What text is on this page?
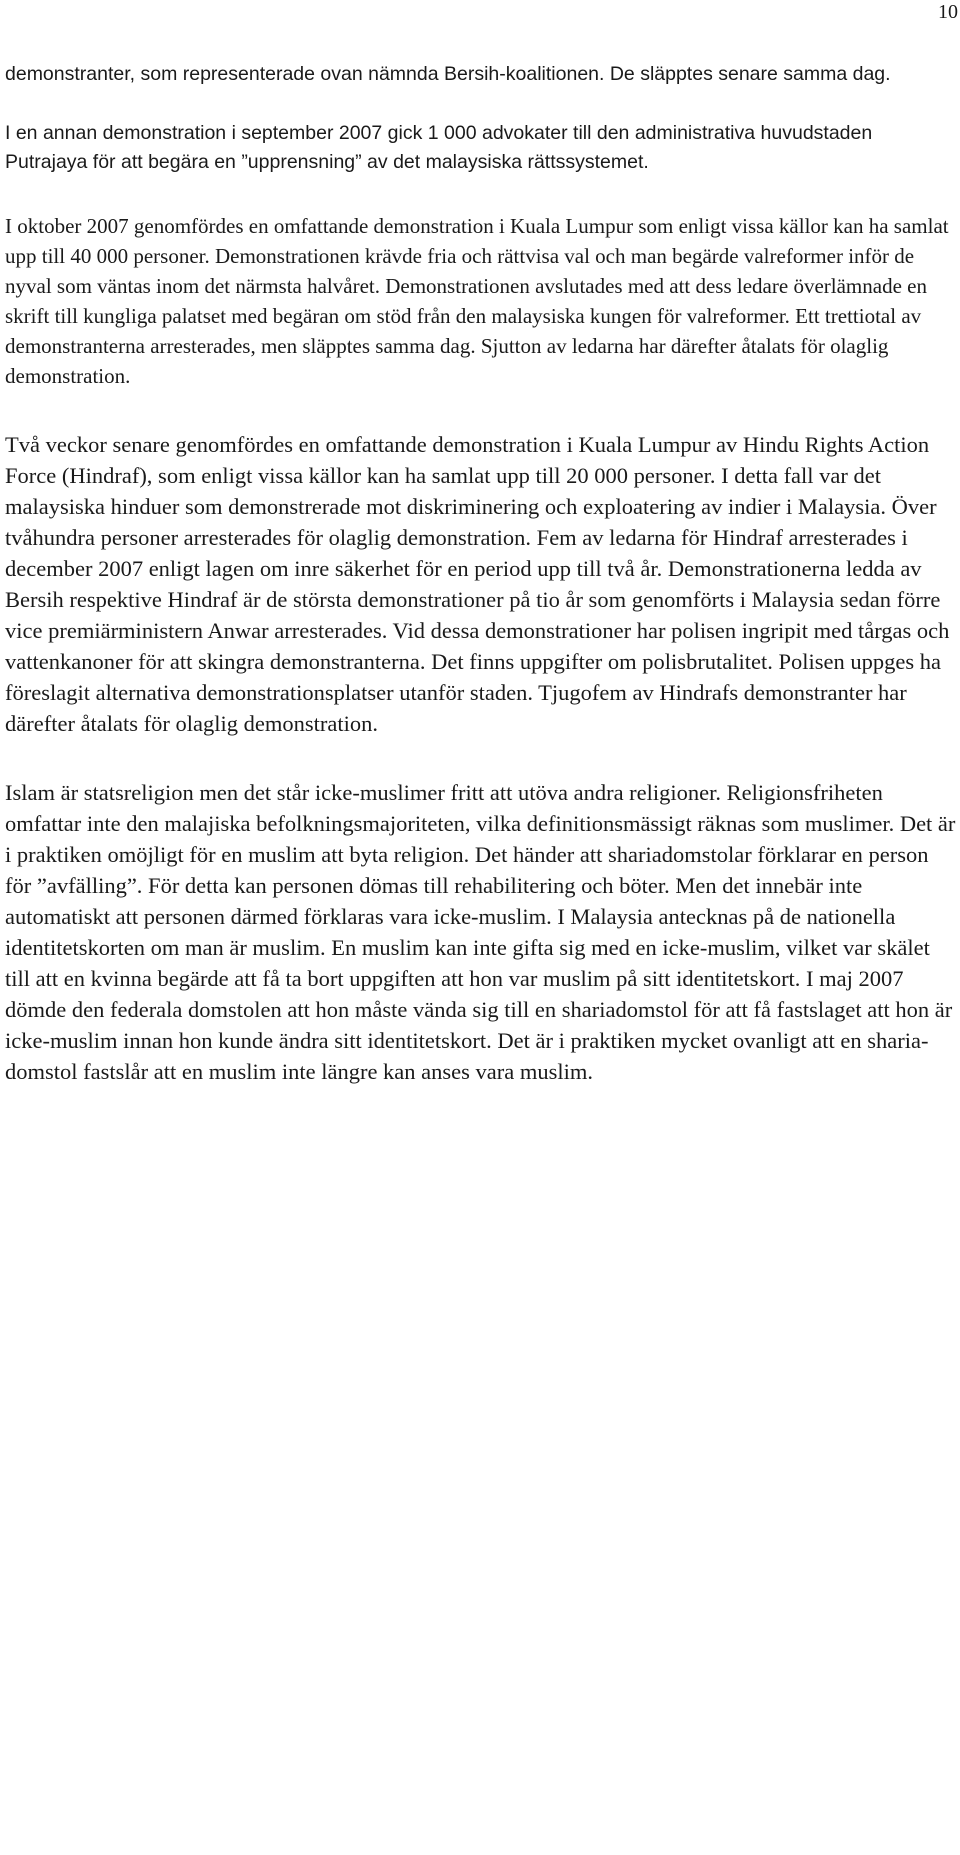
10

demonstranter, som representerade ovan nämnda Bersih-koalitionen. De släpptes senare samma dag.

I en annan demonstration i september 2007 gick 1 000 advokater till den administrativa huvudstaden Putrajaya för att begära en ”upprensning” av det malaysiska rättssystemet.

I oktober 2007 genomfördes en omfattande demonstration i Kuala Lumpur som enligt vissa källor kan ha samlat upp till 40 000 personer. Demonstrationen krävde fria och rättvisa val och man begärde valreformer inför de nyval som väntas inom det närmsta halvåret. Demonstrationen avslutades med att dess ledare överlämnade en skrift till kungliga palatset med begäran om stöd från den malaysiska kungen för valreformer. Ett trettiotal av demonstranterna arresterades, men släpptes samma dag. Sjutton av ledarna har därefter åtalats för olaglig demonstration.

Två veckor senare genomfördes en omfattande demonstration i Kuala Lumpur av Hindu Rights Action Force (Hindraf), som enligt vissa källor kan ha samlat upp till 20 000 personer. I detta fall var det malaysiska hinduer som demonstrerade mot diskriminering och exploatering av indier i Malaysia. Över tvåhundra personer arresterades för olaglig demonstration. Fem av ledarna för Hindraf arresterades i december 2007 enligt lagen om inre säkerhet för en period upp till två år. Demonstrationerna ledda av Bersih respektive Hindraf är de största demonstrationer på tio år som genomförts i Malaysia sedan förre vice premiärministern Anwar arresterades. Vid dessa demonstrationer har polisen ingripit med tårgas och vattenkanoner för att skingra demonstranterna. Det finns uppgifter om polisbrutalitet. Polisen uppges ha föreslagit alternativa demonstrationsplatser utanför staden. Tjugofem av Hindrafs demonstranter har därefter åtalats för olaglig demonstration.

Islam är statsreligion men det står icke-muslimer fritt att utöva andra religioner. Religionsfriheten omfattar inte den malajiska befolkningsmajoriteten, vilka definitionsmässigt räknas som muslimer. Det är i praktiken omöjligt för en muslim att byta religion. Det händer att shariadomstolar förklarar en person för ”avfälling”. För detta kan personen dömas till rehabilitering och böter. Men det innebär inte automatiskt att personen därmed förklaras vara icke-muslim. I Malaysia antecknas på de nationella identitetskorten om man är muslim. En muslim kan inte gifta sig med en icke-muslim, vilket var skälet till att en kvinna begärde att få ta bort uppgiften att hon var muslim på sitt identitetskort. I maj 2007 dömde den federala domstolen att hon måste vända sig till en shariadomstol för att få fastslaget att hon är icke-muslim innan hon kunde ändra sitt identitetskort. Det är i praktiken mycket ovanligt att en sharia-domstol fastslår att en muslim inte längre kan anses vara muslim.
